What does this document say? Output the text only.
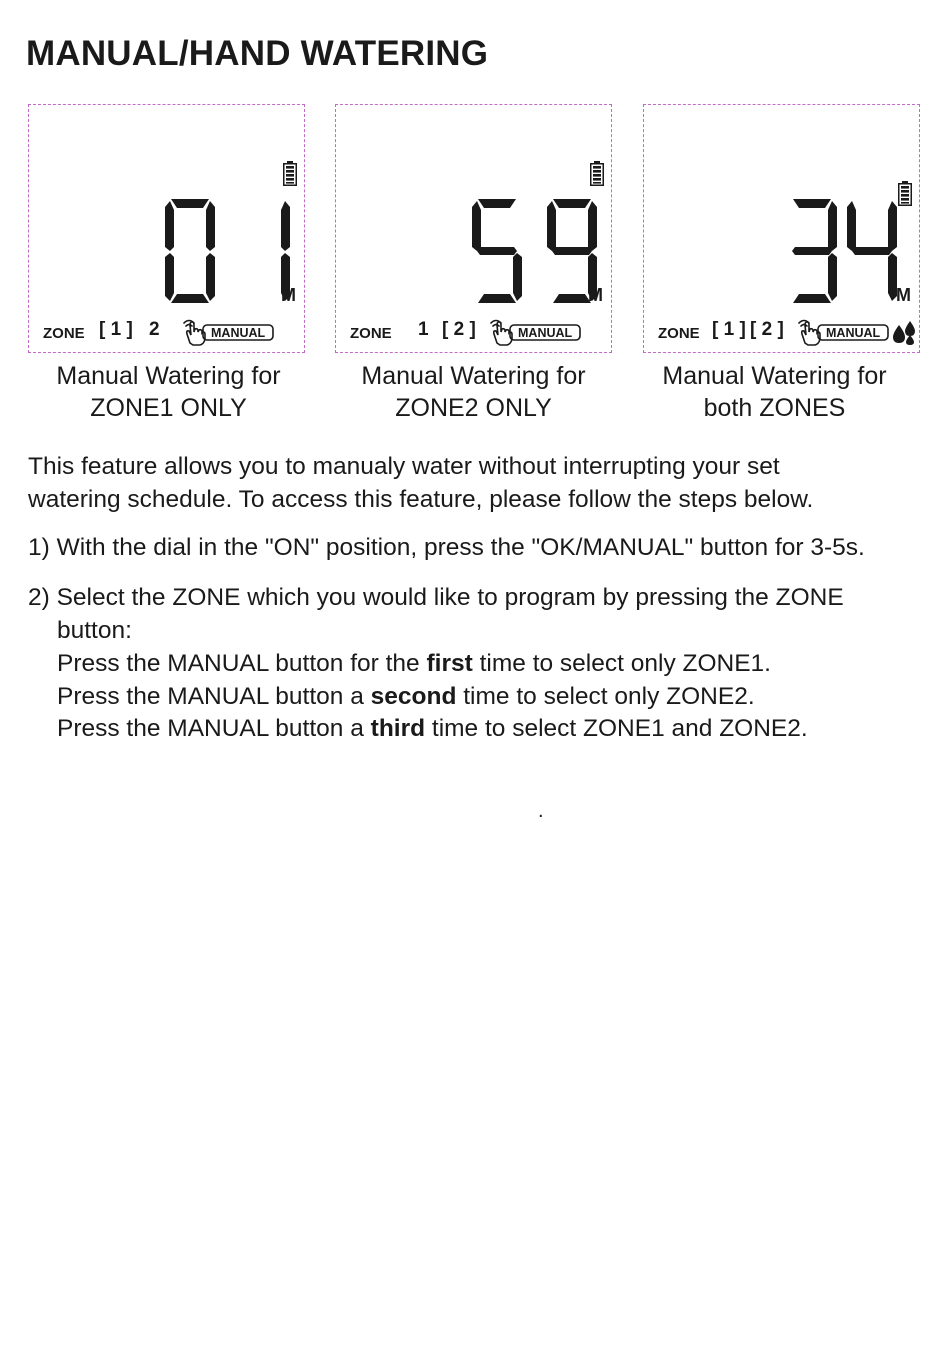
MANUAL/HAND WATERING
M
ZONE [ 1 ] 2	MANUAL
M
ZONE 1 [ 2 ]	MANUAL
M
ZONE [ 1 ] [ 2 ]	MANUAL
Manual Watering for
ZONE1 ONLY
Manual Watering for
ZONE2 ONLY
Manual Watering for
both ZONES
This feature allows you to manualy water without interrupting your set
watering schedule. To access this feature, please follow the steps below.
1) With the dial in the "ON" position, press the "OK/MANUAL" button for 3-5s.
2) Select the ZONE which you would like to program by pressing the ZONE
button:
Press the MANUAL button for the first time to select only ZONE1.
Press the MANUAL button a second time to select only ZONE2.
Press the MANUAL button a third time to select ZONE1 and ZONE2.
.
